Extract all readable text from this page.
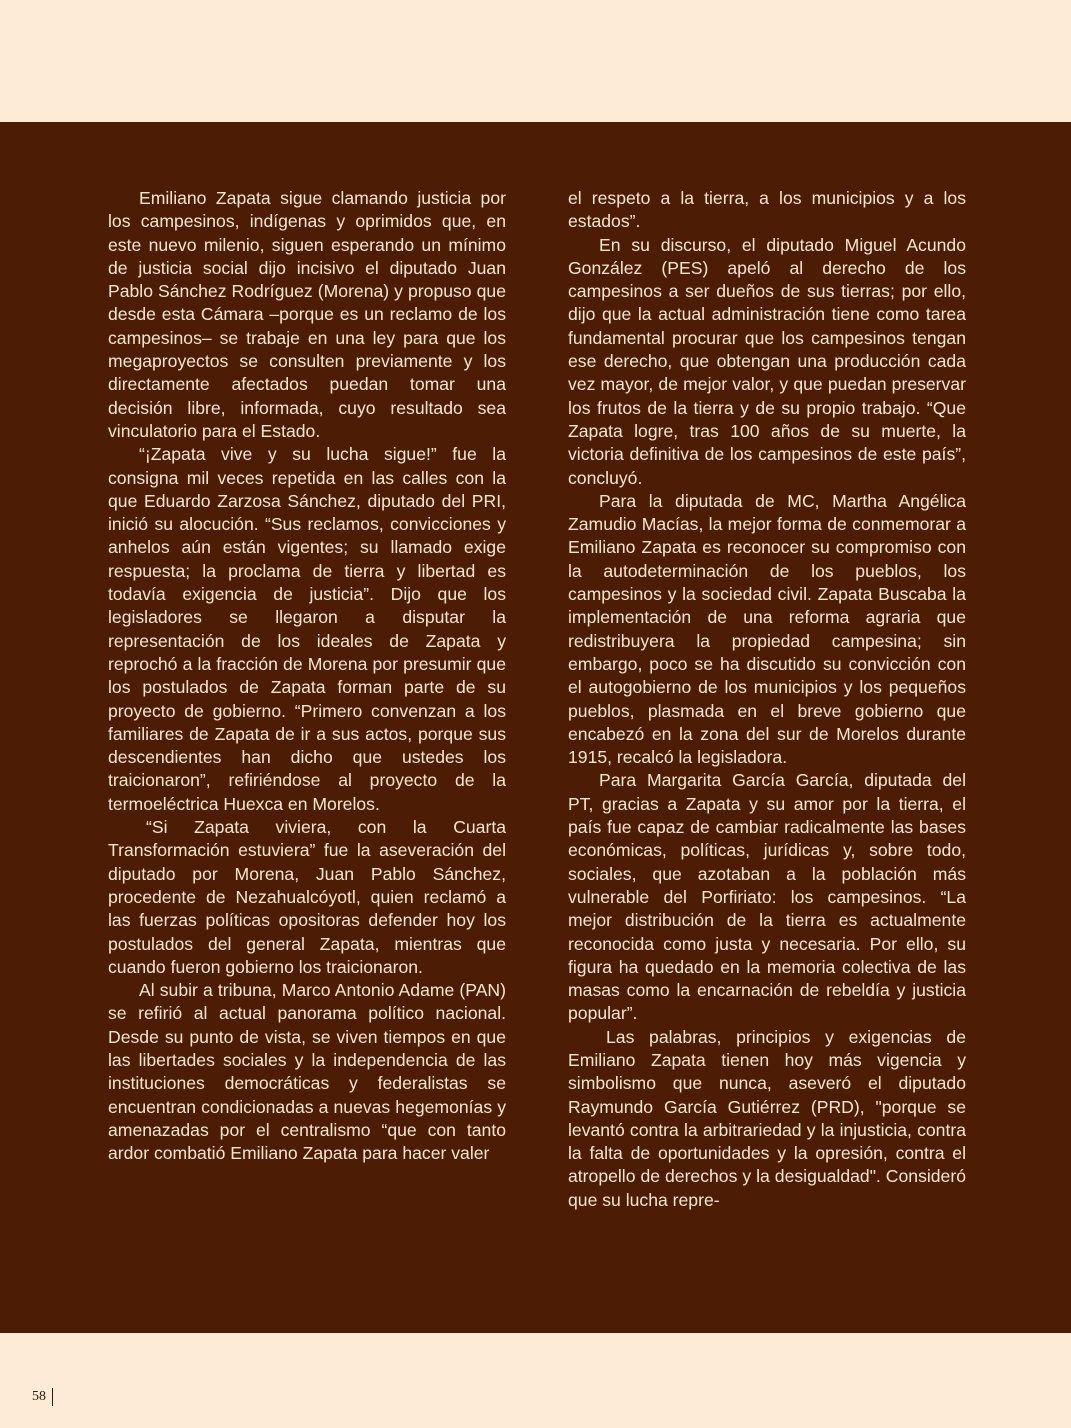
Emiliano Zapata sigue clamando justicia por los campesinos, indígenas y oprimidos que, en este nuevo milenio, siguen esperando un mínimo de justicia social dijo incisivo el diputado Juan Pablo Sánchez Rodríguez (Morena) y propuso que desde esta Cámara –porque es un reclamo de los campesinos– se trabaje en una ley para que los megaproyectos se consulten previamente y los directamente afectados puedan tomar una decisión libre, informada, cuyo resultado sea vinculatorio para el Estado.

“¡Zapata vive y su lucha sigue!” fue la consigna mil veces repetida en las calles con la que Eduardo Zarzosa Sánchez, diputado del PRI, inició su alocución. “Sus reclamos, convicciones y anhelos aún están vigentes; su llamado exige respuesta; la proclama de tierra y libertad es todavía exigencia de justicia”. Dijo que los legisladores se llegaron a disputar la representación de los ideales de Zapata y reprochó a la fracción de Morena por presumir que los postulados de Zapata forman parte de su proyecto de gobierno. “Primero convenzan a los familiares de Zapata de ir a sus actos, porque sus descendientes han dicho que ustedes los traicionaron”, refiriéndose al proyecto de la termoeléctrica Huexca en Morelos.

“Si Zapata viviera, con la Cuarta Transformación estuviera” fue la aseveración del diputado por Morena, Juan Pablo Sánchez, procedente de Nezahualcóyotl, quien reclamó a las fuerzas políticas opositoras defender hoy los postulados del general Zapata, mientras que cuando fueron gobierno los traicionaron.

Al subir a tribuna, Marco Antonio Adame (PAN) se refirió al actual panorama político nacional. Desde su punto de vista, se viven tiempos en que las libertades sociales y la independencia de las instituciones democráticas y federalistas se encuentran condicionadas a nuevas hegemonías y amenazadas por el centralismo “que con tanto ardor combatió Emiliano Zapata para hacer valer

el respeto a la tierra, a los municipios y a los estados”.

En su discurso, el diputado Miguel Acundo González (PES) apeló al derecho de los campesinos a ser dueños de sus tierras; por ello, dijo que la actual administración tiene como tarea fundamental procurar que los campesinos tengan ese derecho, que obtengan una producción cada vez mayor, de mejor valor, y que puedan preservar los frutos de la tierra y de su propio trabajo. “Que Zapata logre, tras 100 años de su muerte, la victoria definitiva de los campesinos de este país”, concluyó.

Para la diputada de MC, Martha Angélica Zamudio Macías, la mejor forma de conmemorar a Emiliano Zapata es reconocer su compromiso con la autodeterminación de los pueblos, los campesinos y la sociedad civil. Zapata Buscaba la implementación de una reforma agraria que redistribuyera la propiedad campesina; sin embargo, poco se ha discutido su convicción con el autogobierno de los municipios y los pequeños pueblos, plasmada en el breve gobierno que encabezó en la zona del sur de Morelos durante 1915, recalcó la legisladora.

Para Margarita García García, diputada del PT, gracias a Zapata y su amor por la tierra, el país fue capaz de cambiar radicalmente las bases económicas, políticas, jurídicas y, sobre todo, sociales, que azotaban a la población más vulnerable del Porfiriato: los campesinos. “La mejor distribución de la tierra es actualmente reconocida como justa y necesaria. Por ello, su figura ha quedado en la memoria colectiva de las masas como la encarnación de rebeldía y justicia popular”.

Las palabras, principios y exigencias de Emiliano Zapata tienen hoy más vigencia y simbolismo que nunca, aseveró el diputado Raymundo García Gutiérrez (PRD), "porque se levantó contra la arbitrariedad y la injusticia, contra la falta de oportunidades y la opresión, contra el atropello de derechos y la desigualdad". Consideró que su lucha repre-

58
